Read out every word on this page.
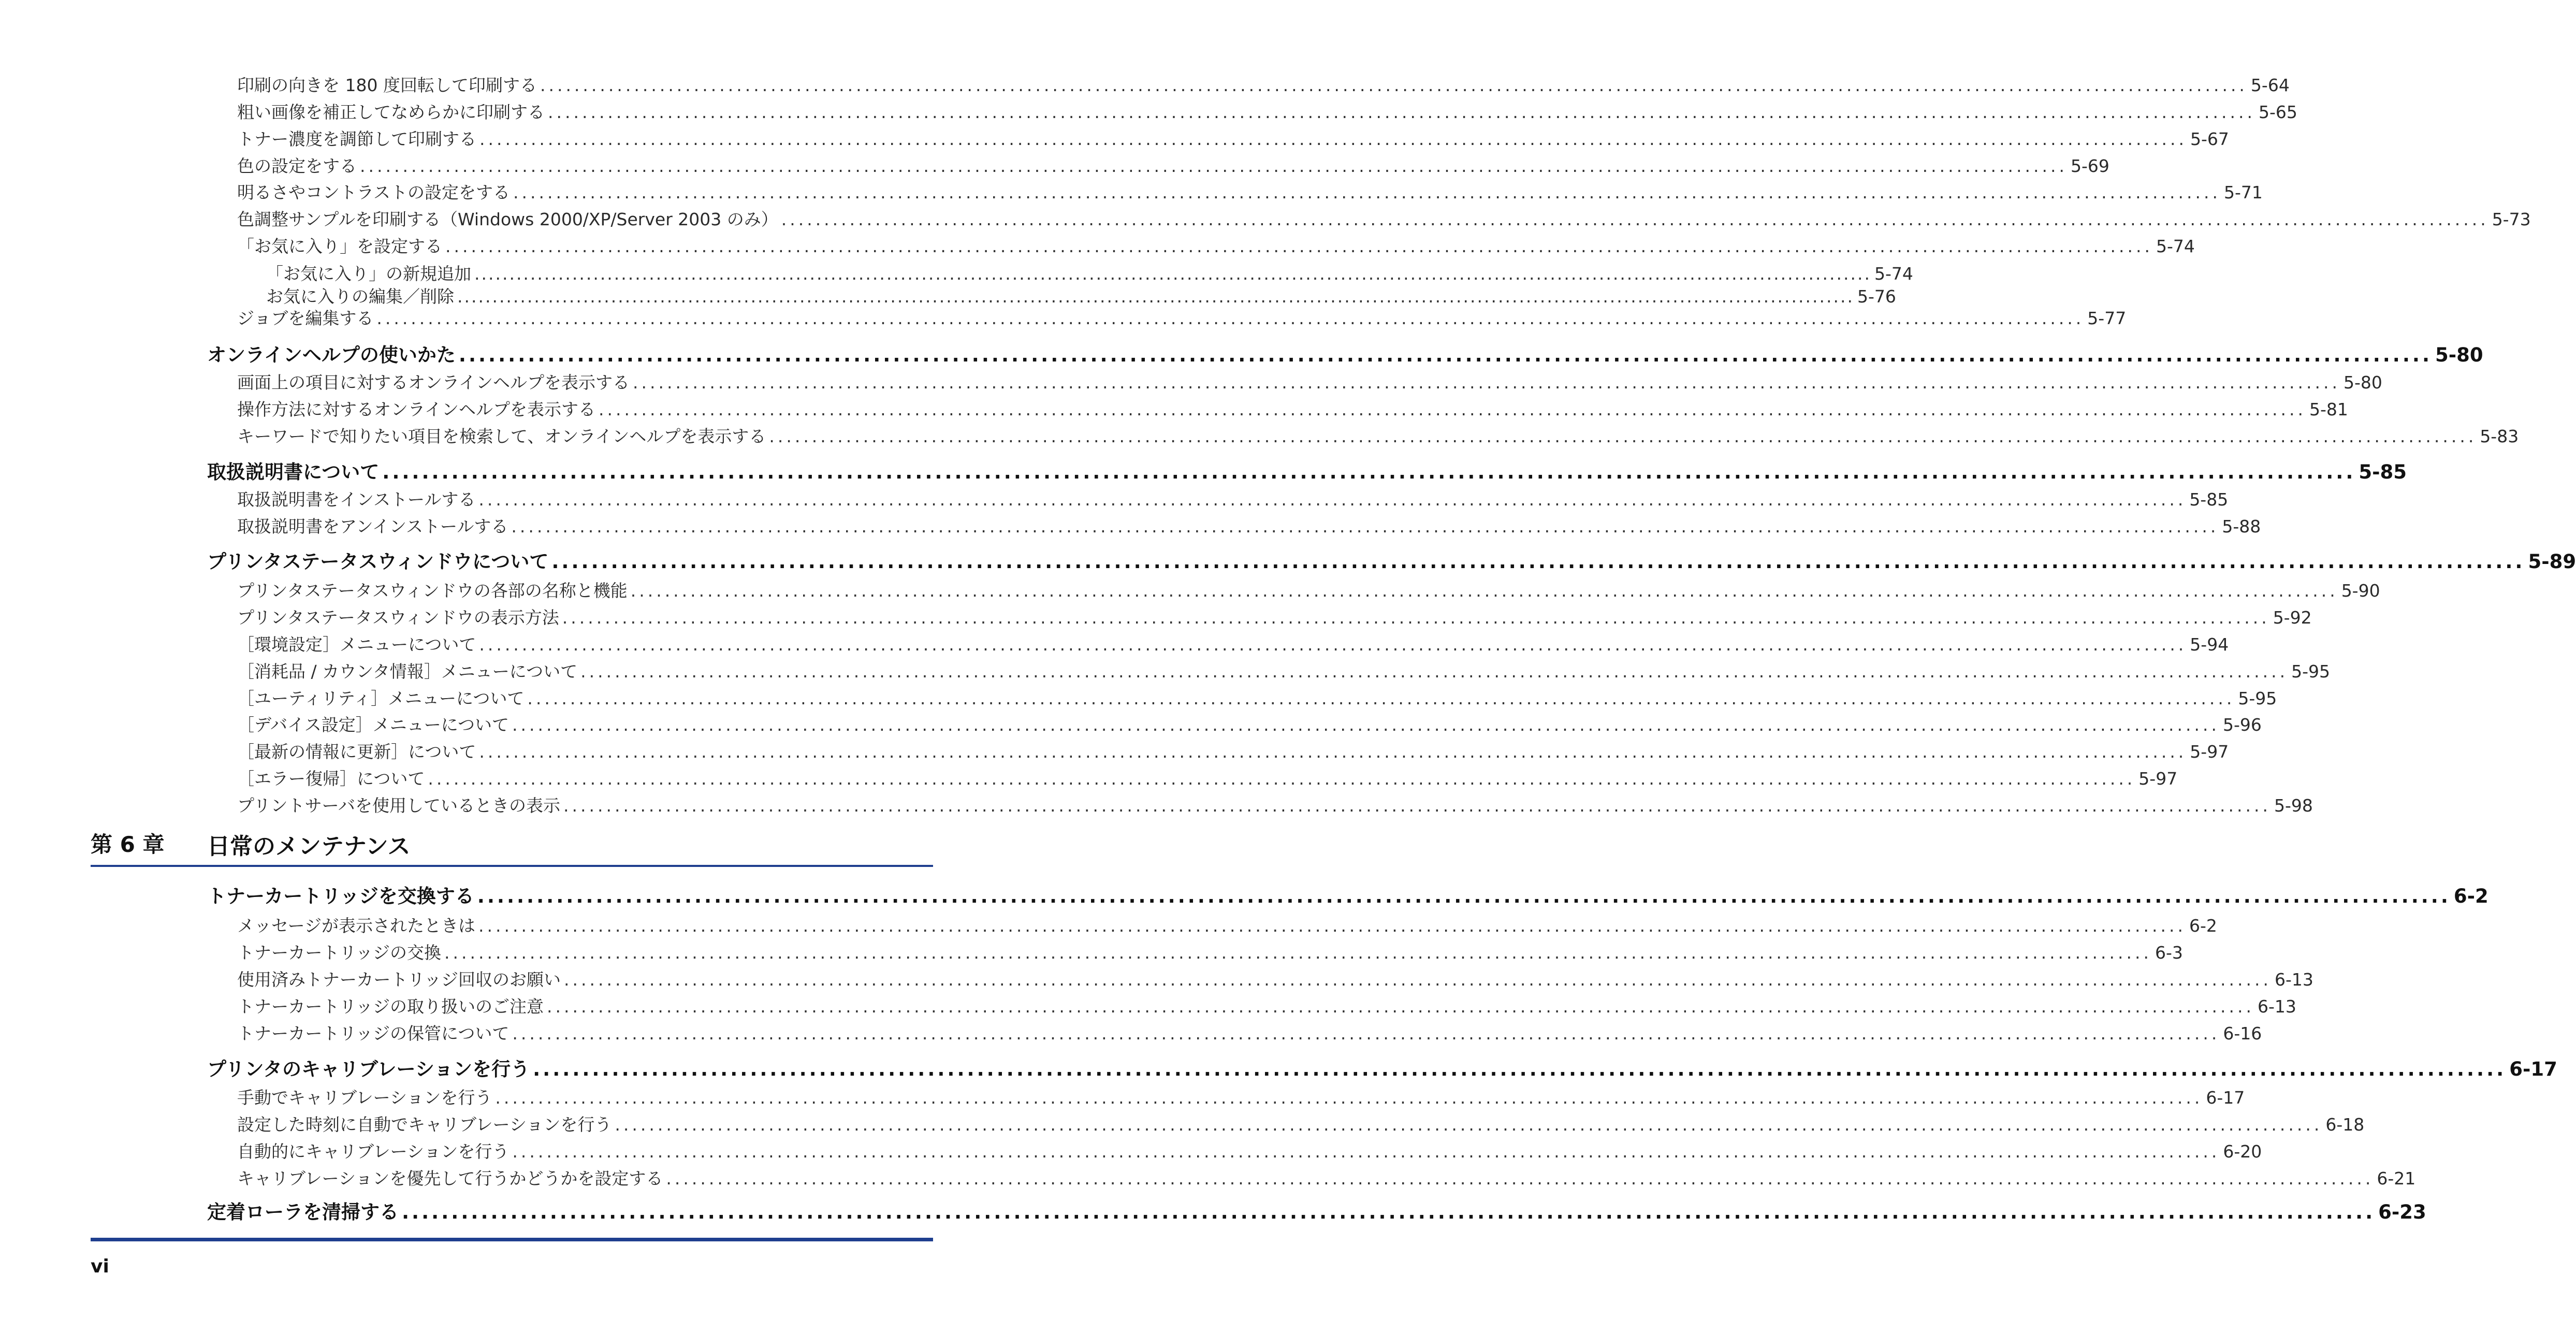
印刷の向きを 180 度回転して印刷する ........................................................................................................................................................................................................ 5-64
粗い画像を補正してなめらかに印刷する ........................................................................................................................................................................................................ 5-65
トナー濃度を調節して印刷する ........................................................................................................................................................................................................ 5-67
色の設定をする ........................................................................................................................................................................................................ 5-69
明るさやコントラストの設定をする ........................................................................................................................................................................................................ 5-71
色調整サンプルを印刷する（Windows 2000/XP/Server 2003 のみ） ........................................................................................................................................................................................................ 5-73
「お気に入り」を設定する ........................................................................................................................................................................................................ 5-74
「お気に入り」の新規追加 ........................................................................................................................................................................................................ 5-74
お気に入りの編集／削除 ........................................................................................................................................................................................................ 5-76
ジョブを編集する ........................................................................................................................................................................................................ 5-77
オンラインヘルプの使いかた ........................................................................................................................................................................................................ 5-80
画面上の項目に対するオンラインヘルプを表示する ........................................................................................................................................................................................................ 5-80
操作方法に対するオンラインヘルプを表示する ........................................................................................................................................................................................................ 5-81
キーワードで知りたい項目を検索して、オンラインヘルプを表示する ........................................................................................................................................................................................................ 5-83
取扱説明書について ........................................................................................................................................................................................................ 5-85
取扱説明書をインストールする ........................................................................................................................................................................................................ 5-85
取扱説明書をアンインストールする ........................................................................................................................................................................................................ 5-88
プリンタステータスウィンドウについて ........................................................................................................................................................................................................ 5-89
プリンタステータスウィンドウの各部の名称と機能 ........................................................................................................................................................................................................ 5-90
プリンタステータスウィンドウの表示方法 ........................................................................................................................................................................................................ 5-92
［環境設定］メニューについて ........................................................................................................................................................................................................ 5-94
［消耗品 / カウンタ情報］メニューについて ........................................................................................................................................................................................................ 5-95
［ユーティリティ］メニューについて ........................................................................................................................................................................................................ 5-95
［デバイス設定］メニューについて ........................................................................................................................................................................................................ 5-96
［最新の情報に更新］について ........................................................................................................................................................................................................ 5-97
［エラー復帰］について ........................................................................................................................................................................................................ 5-97
プリントサーバを使用しているときの表示 ........................................................................................................................................................................................................ 5-98
第 6 章 日常のメンテナンス
トナーカートリッジを交換する ........................................................................................................................................................................................................ 6-2
メッセージが表示されたときは ........................................................................................................................................................................................................ 6-2
トナーカートリッジの交換 ........................................................................................................................................................................................................ 6-3
使用済みトナーカートリッジ回収のお願い ........................................................................................................................................................................................................ 6-13
トナーカートリッジの取り扱いのご注意 ........................................................................................................................................................................................................ 6-13
トナーカートリッジの保管について ........................................................................................................................................................................................................ 6-16
プリンタのキャリブレーションを行う ........................................................................................................................................................................................................ 6-17
手動でキャリブレーションを行う ........................................................................................................................................................................................................ 6-17
設定した時刻に自動でキャリブレーションを行う ........................................................................................................................................................................................................ 6-18
自動的にキャリブレーションを行う ........................................................................................................................................................................................................ 6-20
キャリブレーションを優先して行うかどうかを設定する ........................................................................................................................................................................................................ 6-21
定着ローラを清掃する ........................................................................................................................................................................................................ 6-23
vi
